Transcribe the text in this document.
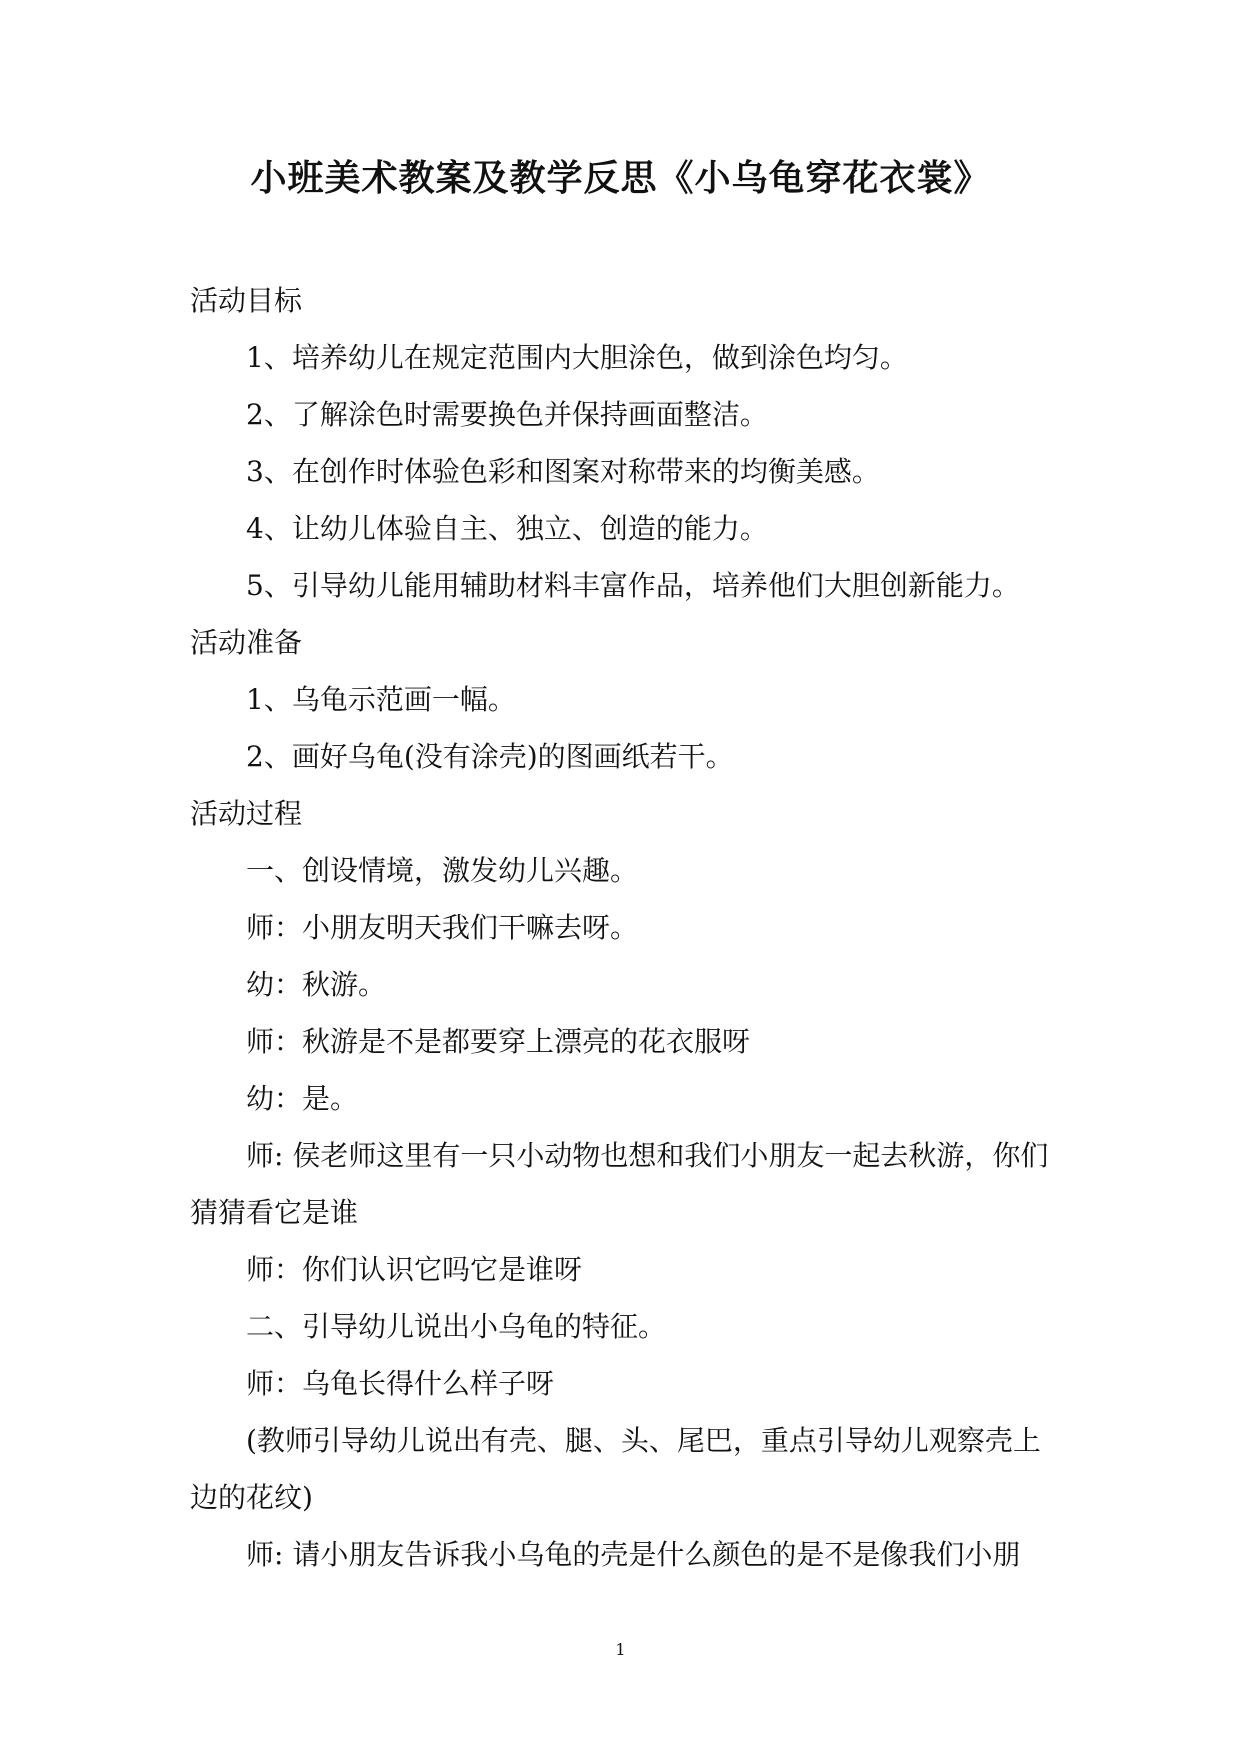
小班美术教案及教学反思《小乌龟穿花衣裳》
活动目标
1、培养幼儿在规定范围内大胆涂色，做到涂色均匀。
2、了解涂色时需要换色并保持画面整洁。
3、在创作时体验色彩和图案对称带来的均衡美感。
4、让幼儿体验自主、独立、创造的能力。
5、引导幼儿能用辅助材料丰富作品，培养他们大胆创新能力。
活动准备
1、乌龟示范画一幅。
2、画好乌龟(没有涂壳)的图画纸若干。
活动过程
一、创设情境，激发幼儿兴趣。
师：小朋友明天我们干嘛去呀。
幼：秋游。
师：秋游是不是都要穿上漂亮的花衣服呀
幼：是。
师: 侯老师这里有一只小动物也想和我们小朋友一起去秋游，你们猜猜看它是谁
师：你们认识它吗它是谁呀
二、引导幼儿说出小乌龟的特征。
师：乌龟长得什么样子呀
(教师引导幼儿说出有壳、腿、头、尾巴，重点引导幼儿观察壳上边的花纹)
师: 请小朋友告诉我小乌龟的壳是什么颜色的是不是像我们小朋
1
